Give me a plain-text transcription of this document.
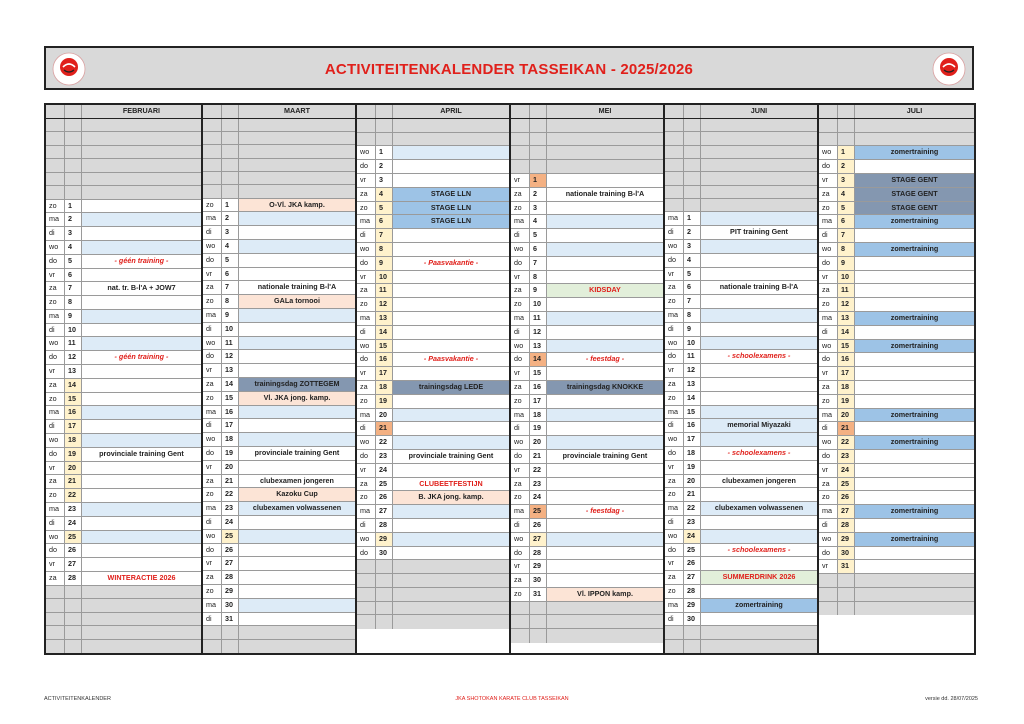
ACTIVITEITENKALENDER TASSEIKAN - 2025/2026
FEBRUARI
zo	1
ma	2
di	3
wo	4
do	5	- géén training -
vr	6
za	7	nat. tr. B-l'A + JOW7
zo	8
ma	9
di	10
wo	11
do	12	- géén training -
vr	13
za	14
zo	15
ma	16
di	17
wo	18
do	19	provinciale training Gent
vr	20
za	21
zo	22
ma	23
di	24
wo	25
do	26
vr	27
za	28	WINTERACTIE 2026
MAART
zo	1	O-Vl. JKA kamp.
ma	2
di	3
wo	4
do	5
vr	6
za	7	nationale training B-l'A
zo	8	GALa tornooi
ma	9
di	10
wo	11
do	12
vr	13
za	14	trainingsdag ZOTTEGEM
zo	15	Vl. JKA jong. kamp.
ma	16
di	17
wo	18
do	19	provinciale training Gent
vr	20
za	21	clubexamen jongeren
zo	22	Kazoku Cup
ma	23	clubexamen volwassenen
di	24
wo	25
do	26
vr	27
za	28
zo	29
ma	30
di	31
APRIL
wo	1
do	2
vr	3
za	4	STAGE LLN
zo	5	STAGE LLN
ma	6	STAGE LLN
di	7
wo	8
do	9	- Paasvakantie -
vr	10
za	11
zo	12
ma	13
di	14
wo	15
do	16	- Paasvakantie -
vr	17
za	18	trainingsdag LEDE
zo	19
ma	20
di	21
wo	22
do	23	provinciale training Gent
vr	24
za	25	CLUBEETFESTIJN
zo	26	B. JKA jong. kamp.
ma	27
di	28
wo	29
do	30
MEI
vr	1
za	2	nationale training B-l'A
zo	3
ma	4
di	5
wo	6
do	7
vr	8
za	9	KIDSDAY
zo	10
ma	11
di	12
wo	13
do	14	- feestdag -
vr	15
za	16	trainingsdag KNOKKE
zo	17
ma	18
di	19
wo	20
do	21	provinciale training Gent
vr	22
za	23
zo	24
ma	25	- feestdag -
di	26
wo	27
do	28
vr	29
za	30
zo	31	Vl. IPPON kamp.
JUNI
ma	1
di	2	PIT training Gent
wo	3
do	4
vr	5
za	6	nationale training B-l'A
zo	7
ma	8
di	9
wo	10
do	11	- schoolexamens -
vr	12
za	13
zo	14
ma	15
di	16	memorial Miyazaki
wo	17
do	18	- schoolexamens -
vr	19
za	20	clubexamen jongeren
zo	21
ma	22	clubexamen volwassenen
di	23
wo	24
do	25	- schoolexamens -
vr	26
za	27	SUMMERDRINK 2026
zo	28
ma	29	zomertraining
di	30
JULI
wo	1	zomertraining
do	2
vr	3	STAGE GENT
za	4	STAGE GENT
zo	5	STAGE GENT
ma	6	zomertraining
di	7
wo	8	zomertraining
do	9
vr	10
za	11
zo	12
ma	13	zomertraining
di	14
wo	15	zomertraining
do	16
vr	17
za	18
zo	19
ma	20	zomertraining
di	21
wo	22	zomertraining
do	23
vr	24
za	25
zo	26
ma	27	zomertraining
di	28
wo	29	zomertraining
do	30
vr	31
ACTIVITEITENKALENDER	JKA SHOTOKAN KARATE CLUB TASSEIKAN	versie dd. 28/07/2025
